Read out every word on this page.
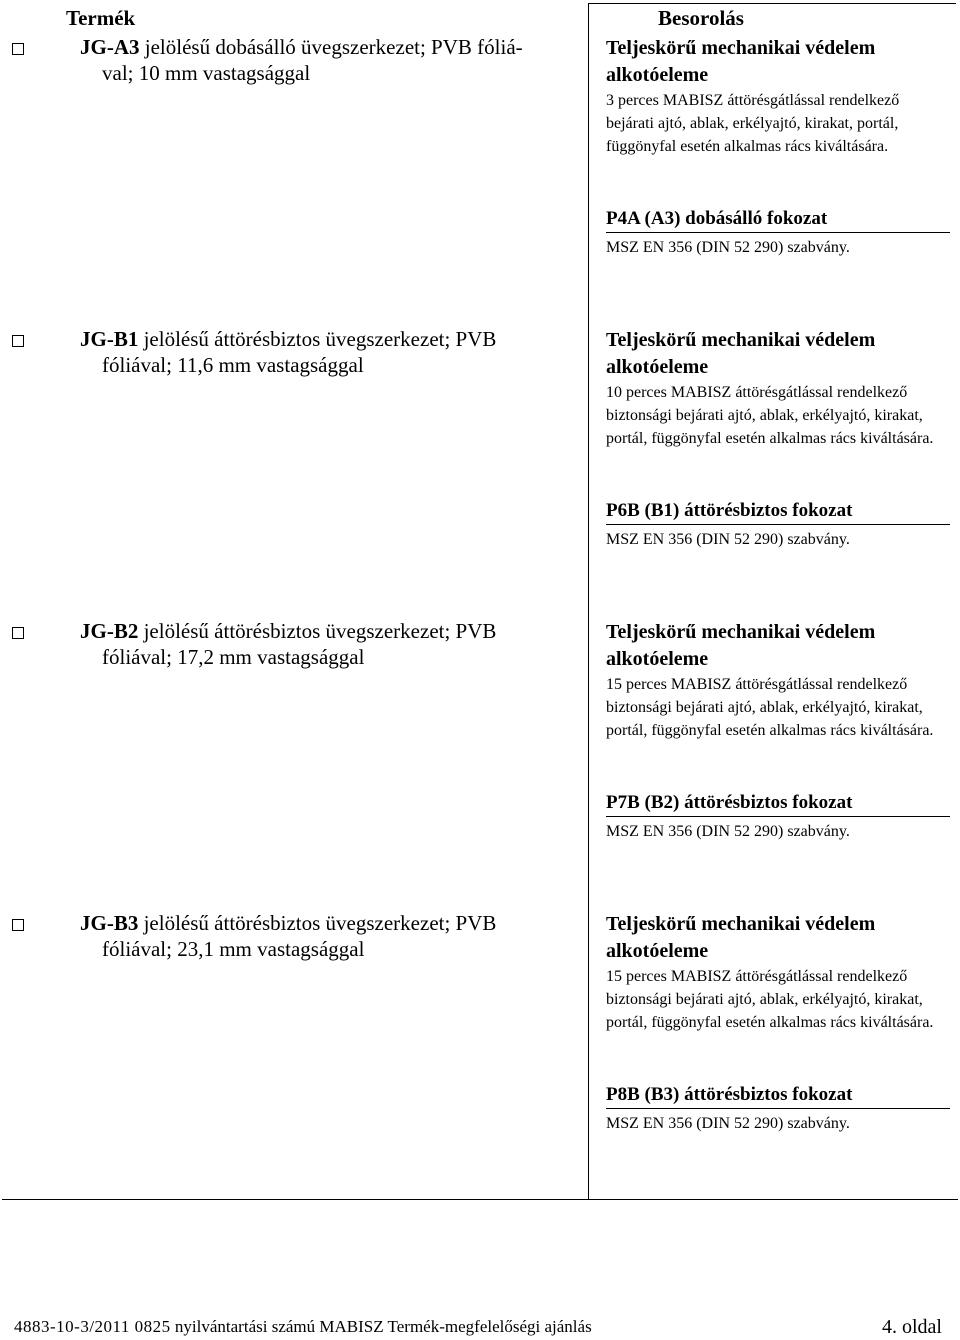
Termék	Besorolás
JG-A3 jelölésű dobásálló üvegszerkezet; PVB fóliá-
val; 10 mm vastagsággal
Teljeskörű mechanikai védelem alkotóeleme
3 perces MABISZ áttörésgátlással rendelkező bejárati ajtó, ablak, erkélyajtó, kirakat, portál, függönyfal esetén alkalmas rács kiváltására.
P4A (A3) dobásálló fokozat
MSZ EN 356 (DIN 52 290) szabvány.
JG-B1 jelölésű áttörésbiztos üvegszerkezet; PVB
fóliával; 11,6 mm vastagsággal
Teljeskörű mechanikai védelem alkotóeleme
10 perces MABISZ áttörésgátlással rendelkező biztonsági bejárati ajtó, ablak, erkélyajtó, kirakat, portál, függönyfal esetén alkalmas rács kiváltására.
P6B (B1) áttörésbiztos fokozat
MSZ EN 356 (DIN 52 290) szabvány.
JG-B2 jelölésű áttörésbiztos üvegszerkezet; PVB
fóliával; 17,2 mm vastagsággal
Teljeskörű mechanikai védelem alkotóeleme
15 perces MABISZ áttörésgátlással rendelkező biztonsági bejárati ajtó, ablak, erkélyajtó, kirakat, portál, függönyfal esetén alkalmas rács kiváltására.
P7B (B2) áttörésbiztos fokozat
MSZ EN 356 (DIN 52 290) szabvány.
JG-B3 jelölésű áttörésbiztos üvegszerkezet; PVB
fóliával; 23,1 mm vastagsággal
Teljeskörű mechanikai védelem alkotóeleme
15 perces MABISZ áttörésgátlással rendelkező biztonsági bejárati ajtó, ablak, erkélyajtó, kirakat, portál, függönyfal esetén alkalmas rács kiváltására.
P8B (B3) áttörésbiztos fokozat
MSZ EN 356 (DIN 52 290) szabvány.
4883-10-3/2011 0825 nyilvántartási számú MABISZ Termék-megfelelőségi ajánlás	4. oldal
